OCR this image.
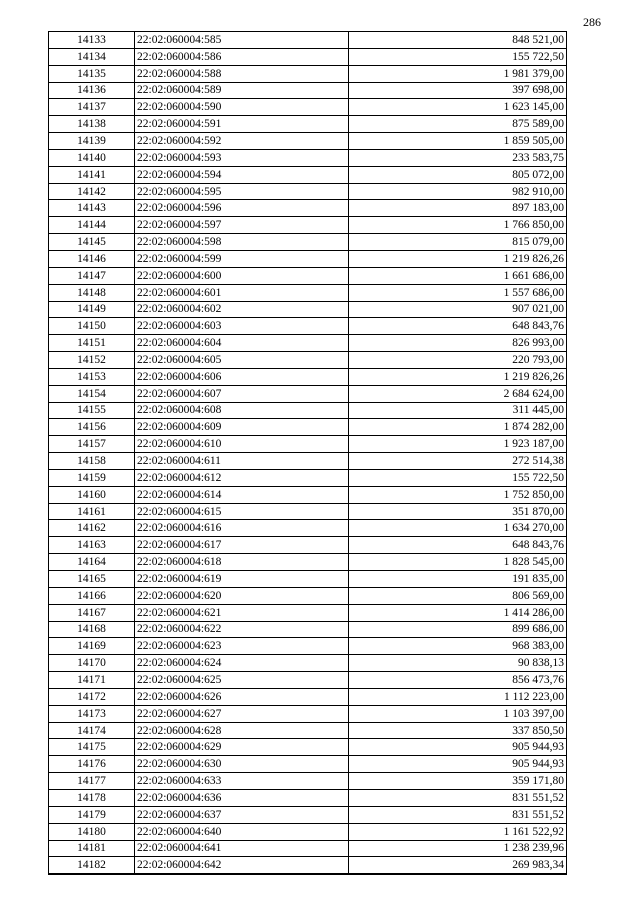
286
14133	22:02:060004:585	848 521,00
14134	22:02:060004:586	155 722,50
14135	22:02:060004:588	1 981 379,00
14136	22:02:060004:589	397 698,00
14137	22:02:060004:590	1 623 145,00
14138	22:02:060004:591	875 589,00
14139	22:02:060004:592	1 859 505,00
14140	22:02:060004:593	233 583,75
14141	22:02:060004:594	805 072,00
14142	22:02:060004:595	982 910,00
14143	22:02:060004:596	897 183,00
14144	22:02:060004:597	1 766 850,00
14145	22:02:060004:598	815 079,00
14146	22:02:060004:599	1 219 826,26
14147	22:02:060004:600	1 661 686,00
14148	22:02:060004:601	1 557 686,00
14149	22:02:060004:602	907 021,00
14150	22:02:060004:603	648 843,76
14151	22:02:060004:604	826 993,00
14152	22:02:060004:605	220 793,00
14153	22:02:060004:606	1 219 826,26
14154	22:02:060004:607	2 684 624,00
14155	22:02:060004:608	311 445,00
14156	22:02:060004:609	1 874 282,00
14157	22:02:060004:610	1 923 187,00
14158	22:02:060004:611	272 514,38
14159	22:02:060004:612	155 722,50
14160	22:02:060004:614	1 752 850,00
14161	22:02:060004:615	351 870,00
14162	22:02:060004:616	1 634 270,00
14163	22:02:060004:617	648 843,76
14164	22:02:060004:618	1 828 545,00
14165	22:02:060004:619	191 835,00
14166	22:02:060004:620	806 569,00
14167	22:02:060004:621	1 414 286,00
14168	22:02:060004:622	899 686,00
14169	22:02:060004:623	968 383,00
14170	22:02:060004:624	90 838,13
14171	22:02:060004:625	856 473,76
14172	22:02:060004:626	1 112 223,00
14173	22:02:060004:627	1 103 397,00
14174	22:02:060004:628	337 850,50
14175	22:02:060004:629	905 944,93
14176	22:02:060004:630	905 944,93
14177	22:02:060004:633	359 171,80
14178	22:02:060004:636	831 551,52
14179	22:02:060004:637	831 551,52
14180	22:02:060004:640	1 161 522,92
14181	22:02:060004:641	1 238 239,96
14182	22:02:060004:642	269 983,34
